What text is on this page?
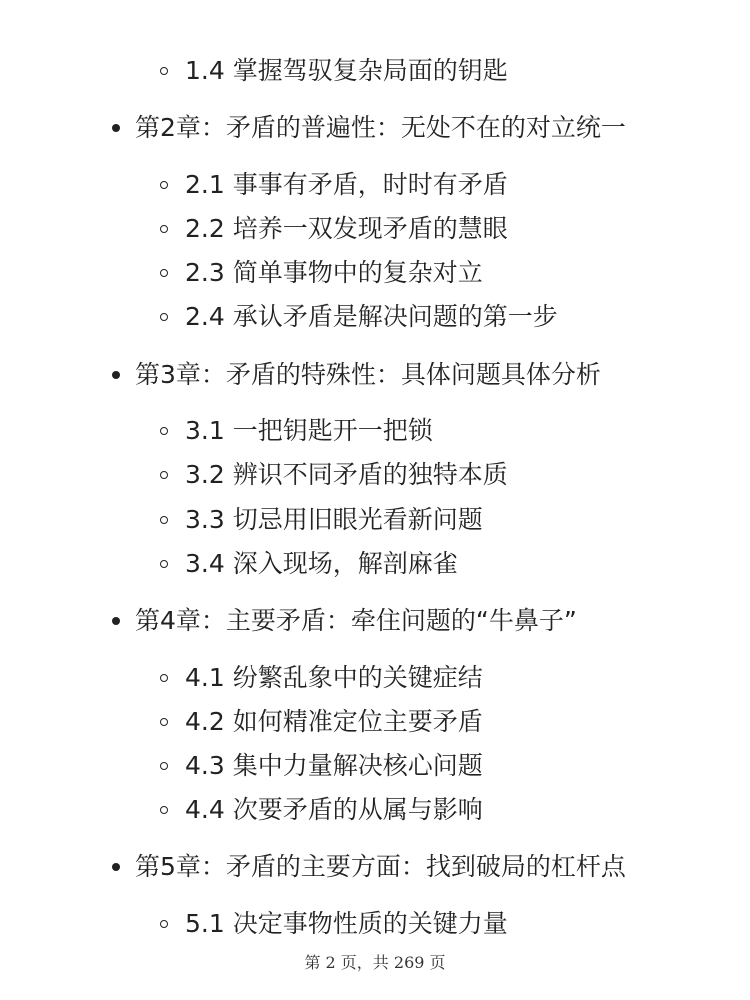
1.4 掌握驾驭复杂局面的钥匙
第2章：矛盾的普遍性：无处不在的对立统一
2.1 事事有矛盾，时时有矛盾
2.2 培养一双发现矛盾的慧眼
2.3 简单事物中的复杂对立
2.4 承认矛盾是解决问题的第一步
第3章：矛盾的特殊性：具体问题具体分析
3.1 一把钥匙开一把锁
3.2 辨识不同矛盾的独特本质
3.3 切忌用旧眼光看新问题
3.4 深入现场，解剖麻雀
第4章：主要矛盾：牵住问题的“牛鼻子”
4.1 纷繁乱象中的关键症结
4.2 如何精准定位主要矛盾
4.3 集中力量解决核心问题
4.4 次要矛盾的从属与影响
第5章：矛盾的主要方面：找到破局的杠杆点
5.1 决定事物性质的关键力量
第 2 页，共 269 页
